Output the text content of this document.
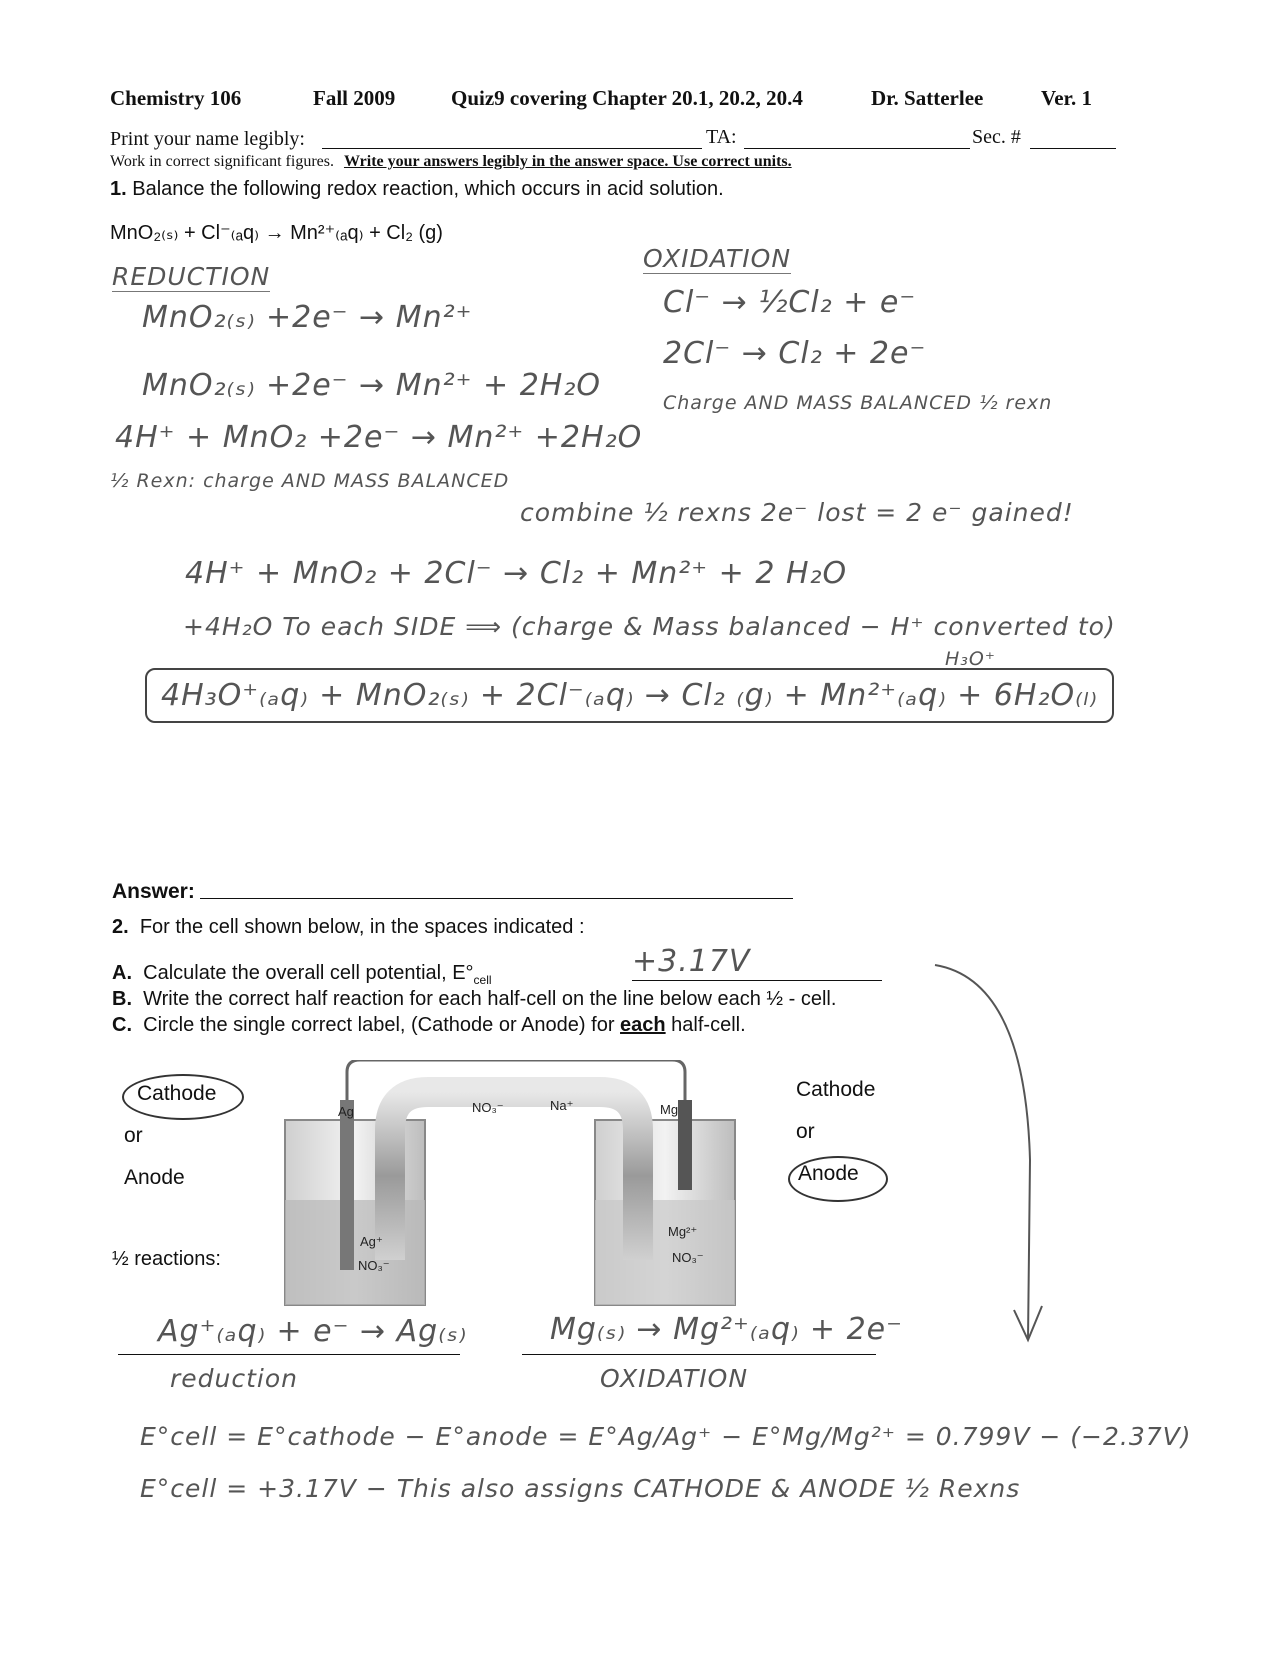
Chemistry 106	Fall 2009	Quiz9 covering Chapter 20.1, 20.2, 20.4	Dr. Satterlee	Ver. 1
Print your name legibly:	TA:	Sec. #
Work in correct significant figures. Write your answers legibly in the answer space. Use correct units.
1. Balance the following redox reaction, which occurs in acid solution.
MnO₂₍ₛ₎ + Cl⁻₍ₐq₎ → Mn²⁺₍ₐq₎ + Cl₂ (g)
REDUCTION
MnO₂₍ₛ₎ +2e⁻ → Mn²⁺
MnO₂₍ₛ₎ +2e⁻ → Mn²⁺ + 2H₂O
4H⁺ + MnO₂ +2e⁻ → Mn²⁺ +2H₂O
½ Rexn: charge AND MASS BALANCED
OXIDATION
Cl⁻ → ½Cl₂ + e⁻
2Cl⁻ → Cl₂ + 2e⁻
Charge AND MASS BALANCED ½ rexn
combine ½ rexns 2e⁻ lost = 2 e⁻ gained!
4H⁺ + MnO₂ + 2Cl⁻ → Cl₂ + Mn²⁺ + 2 H₂O
+4H₂O To each SIDE ⟹ (charge & Mass balanced − H⁺ converted to)
H₃O⁺
4H₃O⁺₍ₐq₎ + MnO₂₍ₛ₎ + 2Cl⁻₍ₐq₎ → Cl₂ ₍g₎ + Mn²⁺₍ₐq₎ + 6H₂O₍ₗ₎
Answer:
2. For the cell shown below, in the spaces indicated :
A. Calculate the overall cell potential, $E^\circ_{cell}$
+3.17V
B. Write the correct half reaction for each half-cell on the line below each ½ - cell.
C. Circle the single correct label, (Cathode or Anode) for each half-cell.
Cathode
or
Anode
½ reactions:
Cathode
or
Anode
Ag	Mg
NO₃⁻	Na⁺
Ag⁺
NO₃⁻
Mg²⁺
NO₃⁻
Ag⁺₍ₐq₎ + e⁻ → Ag₍ₛ₎
reduction
Mg₍ₛ₎ → Mg²⁺₍ₐq₎ + 2e⁻
OXIDATION
E°cell = E°cathode − E°anode = E°Ag/Ag⁺ − E°Mg/Mg²⁺ = 0.799V − (−2.37V)
E°cell = +3.17V − This also assigns CATHODE & ANODE ½ Rexns
